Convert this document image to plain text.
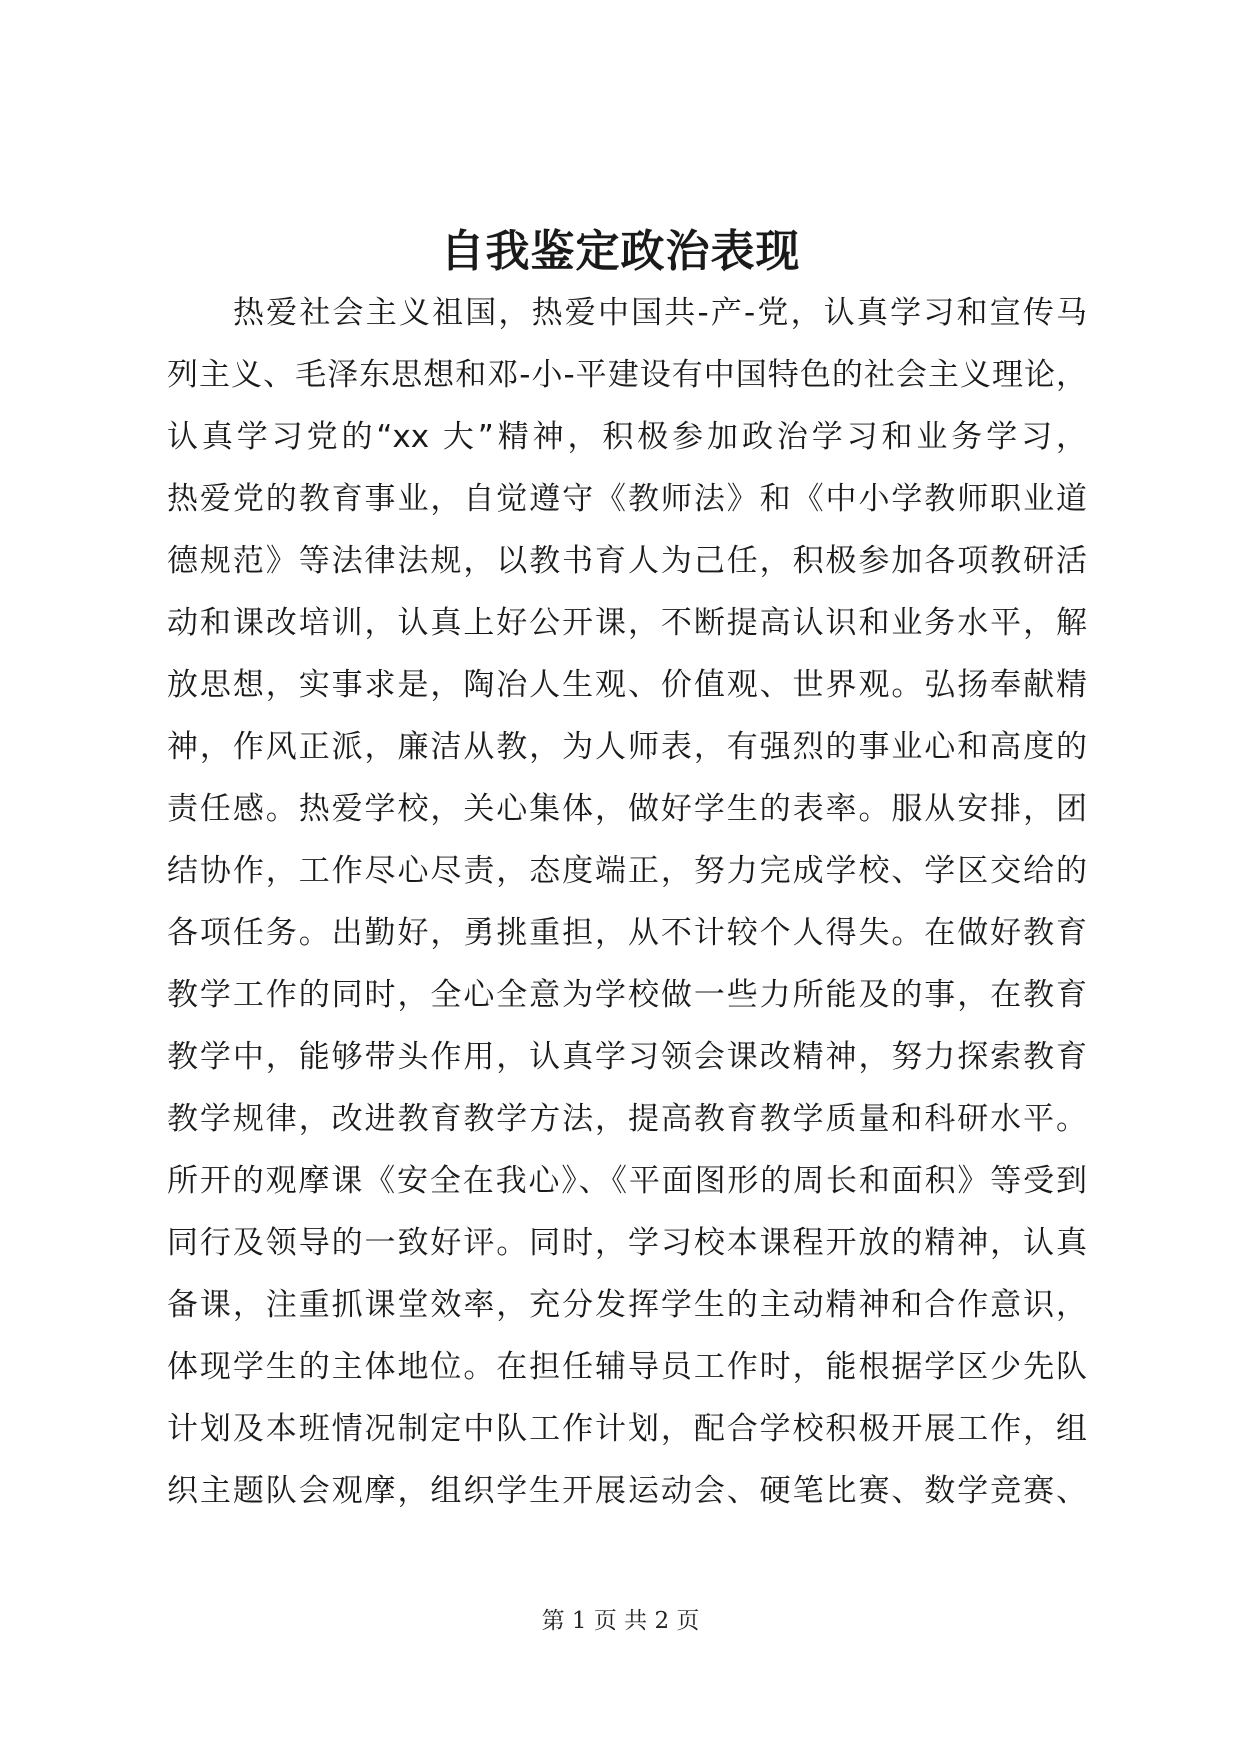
自我鉴定政治表现
热爱社会主义祖国，热爱中国共-产-党，认真学习和宣传马
列主义、毛泽东思想和邓-小-平建设有中国特色的社会主义理论，
认真学习党的“xx 大”精神，积极参加政治学习和业务学习，
热爱党的教育事业，自觉遵守《教师法》和《中小学教师职业道
德规范》等法律法规，以教书育人为己任，积极参加各项教研活
动和课改培训，认真上好公开课，不断提高认识和业务水平，解
放思想，实事求是，陶冶人生观、价值观、世界观。弘扬奉献精
神，作风正派，廉洁从教，为人师表，有强烈的事业心和高度的
责任感。热爱学校，关心集体，做好学生的表率。服从安排，团
结协作，工作尽心尽责，态度端正，努力完成学校、学区交给的
各项任务。出勤好，勇挑重担，从不计较个人得失。在做好教育
教学工作的同时，全心全意为学校做一些力所能及的事，在教育
教学中，能够带头作用，认真学习领会课改精神，努力探索教育
教学规律，改进教育教学方法，提高教育教学质量和科研水平。
所开的观摩课《安全在我心》、《平面图形的周长和面积》等受到
同行及领导的一致好评。同时，学习校本课程开放的精神，认真
备课，注重抓课堂效率，充分发挥学生的主动精神和合作意识，
体现学生的主体地位。在担任辅导员工作时，能根据学区少先队
计划及本班情况制定中队工作计划，配合学校积极开展工作，组
织主题队会观摩，组织学生开展运动会、硬笔比赛、数学竞赛、
第 1 页 共 2 页
